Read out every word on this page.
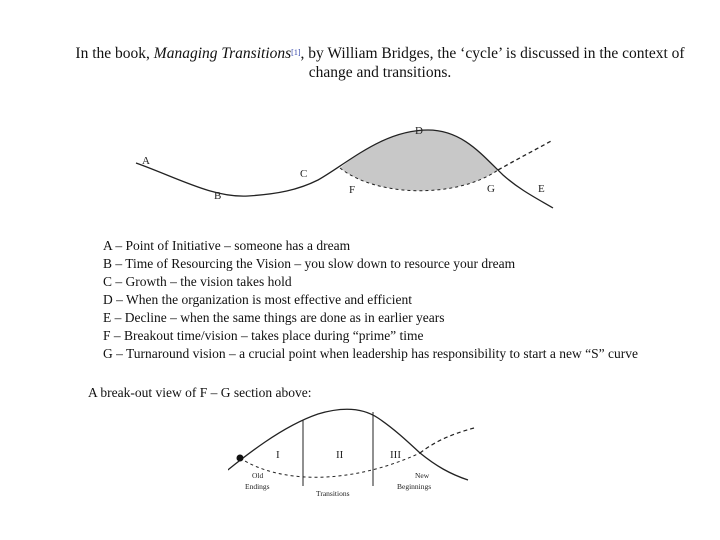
In the book, Managing Transitions[1], by William Bridges, the ‘cycle’ is discussed in the context of change and transitions.
A
B
C
D
F	G	E
A – Point of Initiative – someone has a dream
B – Time of Resourcing the Vision – you slow down to resource your dream
C – Growth – the vision takes hold
D – When the organization is most effective and efficient
E – Decline – when the same things are done as in earlier years
F – Breakout time/vision – takes place during “prime” time
G – Turnaround vision – a crucial point when leadership has responsibility to start a new “S” curve
A break-out view of F – G section above:
I	II	III
Old
Endings
Transitions
New
Beginnings
